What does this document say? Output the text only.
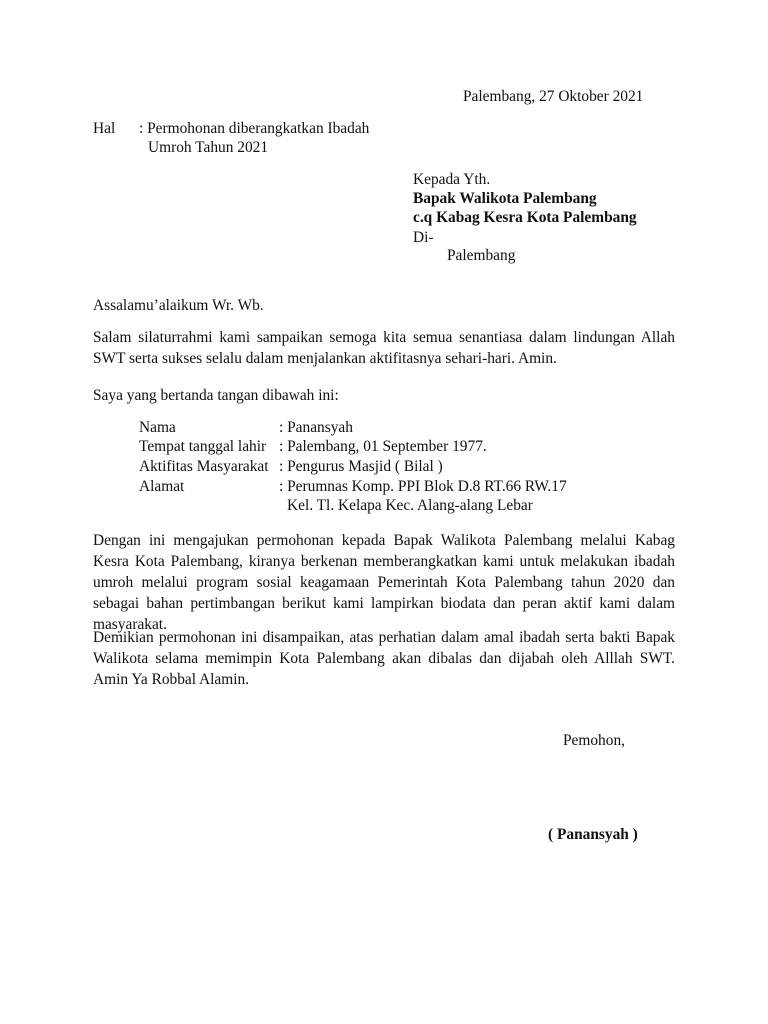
Palembang, 27 Oktober 2021
Hal : Permohonan diberangkatkan Ibadah
Umroh Tahun 2021
Kepada Yth.
Bapak Walikota Palembang
c.q Kabag Kesra Kota Palembang
Di-
Palembang
Assalamu’alaikum Wr. Wb.
Salam silaturrahmi kami sampaikan semoga kita semua senantiasa dalam lindungan Allah SWT serta sukses selalu dalam menjalankan aktifitasnya sehari-hari. Amin.
Saya yang bertanda tangan dibawah ini:
Nama	: Panansyah
Tempat tanggal lahir : Palembang, 01 September 1977.
Aktifitas Masyarakat : Pengurus Masjid ( Bilal )
Alamat	: Perumnas Komp. PPI Blok D.8 RT.66 RW.17
Kel. Tl. Kelapa Kec. Alang-alang Lebar
Dengan ini mengajukan permohonan kepada Bapak Walikota Palembang melalui Kabag Kesra Kota Palembang, kiranya berkenan memberangkatkan kami untuk melakukan ibadah umroh melalui program sosial keagamaan Pemerintah Kota Palembang tahun 2020 dan sebagai bahan pertimbangan berikut kami lampirkan biodata dan peran aktif kami dalam masyarakat.
Demikian permohonan ini disampaikan, atas perhatian dalam amal ibadah serta bakti Bapak Walikota selama memimpin Kota Palembang akan dibalas dan dijabah oleh Alllah SWT. Amin Ya Robbal Alamin.
Pemohon,
( Panansyah )
